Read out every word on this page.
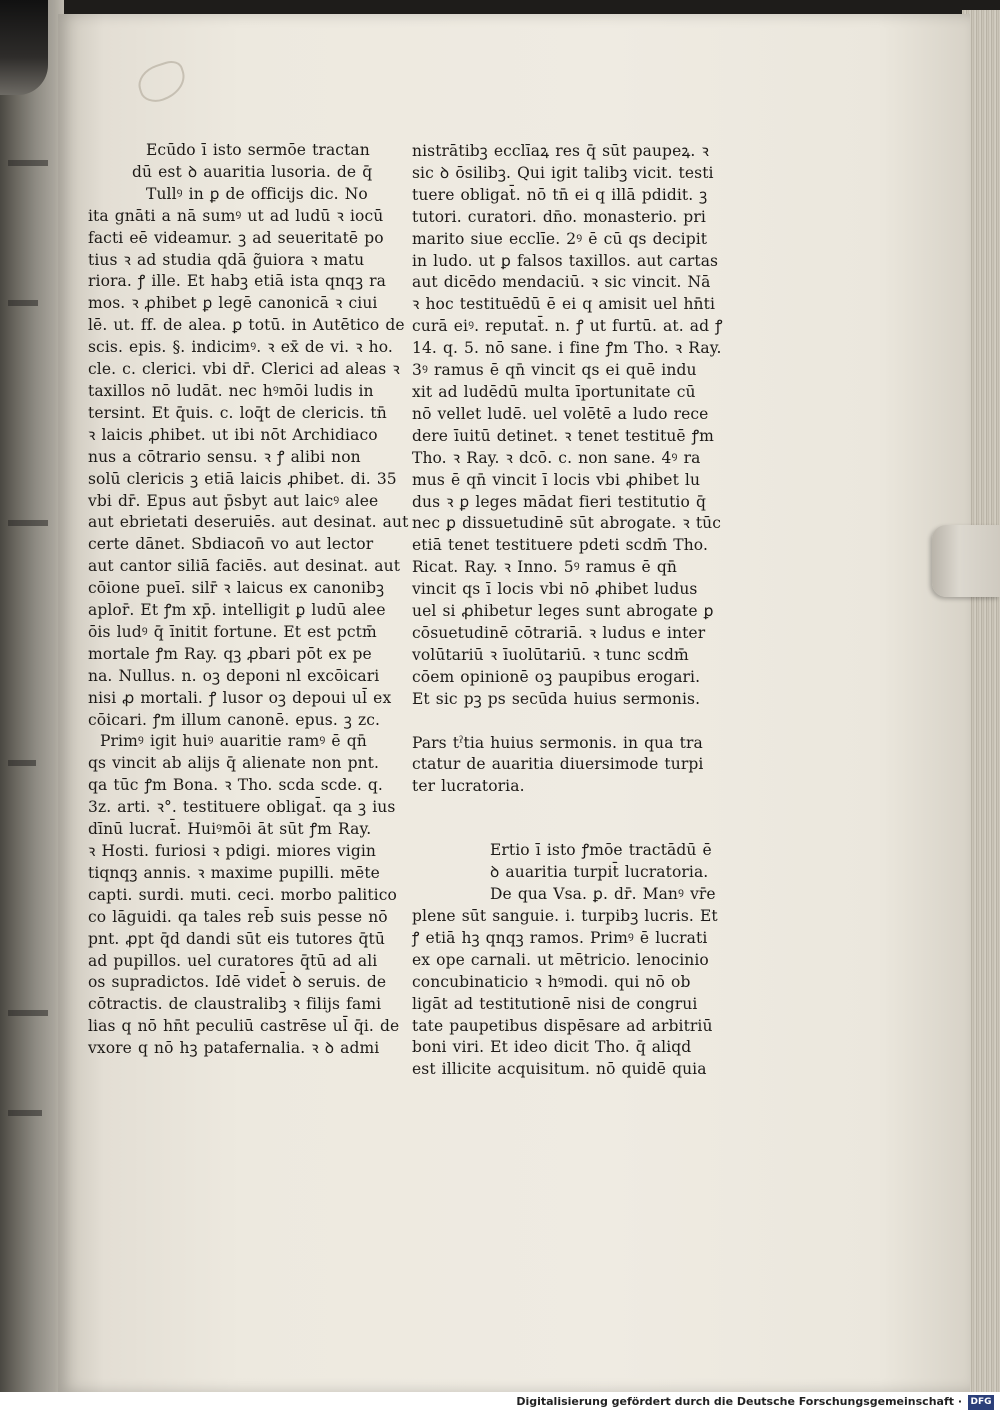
Ecūdo ī isto sermōe tractan
dū est ꝺ auaritia lusoria. de q̄
Tullꝰ in ꝑ de officijs dic. No
ita gnāti a nā sumꝰ ut ad ludū ꝛ iocū
facti eē videamur. ꝫ ad seueritatē po
tius ꝛ ad studia qdā g̃uiora ꝛ matu
riora. ꝭ ille. Et habꝫ etiā ista qnqꝫ ra
mos. ꝛ ꝓhibet ꝑ legē canonicā ꝛ ciui
lē. ut. ff. de alea. ꝑ totū. in Autētico de
scis. epis. §. indicimꝰ. ꝛ ex̄ de vi. ꝛ ho.
cle. c. clerici. vbi dr̄. Clerici ad aleas ꝛ
taxillos nō ludāt. nec hꝰmōi ludis in
tersint. Et q̄uis. c. loq̄t de clericis. tn̄
ꝛ laicis ꝓhibet. ut ibi nōt Archidiaco
nus a cōtrario sensu. ꝛ ꝭ alibi non
solū clericis ꝫ etiā laicis ꝓhibet. di. 35
vbi dr̄. Epus aut p̄sbyt aut laicꝰ alee
aut ebrietati deseruiēs. aut desinat. aut
certe dānet. Sbdiacon̄ vo aut lector
aut cantor siliā faciēs. aut desinat. aut
cōione pueī. silr̄ ꝛ laicus ex canonibꝫ
aplor̄. Et ꝭm xp̄. intelligit ꝑ ludū alee
ōis ludꝰ q̄ īnitit fortune. Et est pctm̄
mortale ꝭm Ray. qꝫ ꝓbari pōt ex pe
na. Nullus. n. oꝫ deponi nl excōicari
nisi ꝓ mortali. ꝭ lusor oꝫ depoui ul̄ ex
cōicari. ꝭm illum canonē. epus. ꝫ zc.
Primꝰ igit huiꝰ auaritie ramꝰ ē qn̄
qs vincit ab alijs q̄ alienate non pnt.
qa tūc ꝭm Bona. ꝛ Tho. scda scde. q.
3z. arti. ꝛ°. testituere obligat̄. qa ꝫ ius
dīnū lucrat̄. Huiꝰmōi āt sūt ꝭm Ray.
ꝛ Hosti. furiosi ꝛ pdigi. miores vigin
tiqnqꝫ annis. ꝛ maxime pupilli. mēte
capti. surdi. muti. ceci. morbo palitico
co lāguidi. qa tales reb̄ suis pesse nō
pnt. ꝓpt q̄d dandi sūt eis tutores q̄tū
ad pupillos. uel curatores q̄tū ad ali
os supradictos. Idē videt̄ ꝺ seruis. de
cōtractis. de claustralibꝫ ꝛ filijs fami
lias q nō hn̄t peculiū castrēse ul̄ q̄i. de
vxore q nō hꝫ patafernalia. ꝛ ꝺ admi
nistrātibꝫ ecclīaꝝ res q̄ sūt paupeꝝ. ꝛ
sic ꝺ ōsilibꝫ. Qui igit talibꝫ vicit. testi
tuere obligat̄. nō tn̄ ei q illā pdidit. ꝫ
tutori. curatori. dn̄o. monasterio. pri
marito siue ecclīe. 2ꝰ ē cū qs decipit
in ludo. ut ꝑ falsos taxillos. aut cartas
aut dicēdo mendaciū. ꝛ sic vincit. Nā
ꝛ hoc testituēdū ē ei q amisit uel hn̄ti
curā eiꝰ. reputat̄. n. ꝭ ut furtū. at. ad ꝭ
14. q. 5. nō sane. i fine ꝭm Tho. ꝛ Ray.
3ꝰ ramus ē qn̄ vincit qs ei quē indu
xit ad ludēdū multa īportunitate cū
nō vellet ludē. uel volētē a ludo rece
dere īuitū detinet. ꝛ tenet testituē ꝭm
Tho. ꝛ Ray. ꝛ dcō. c. non sane. 4ꝰ ra
mus ē qn̄ vincit ī locis vbi ꝓhibet lu
dus ꝛ ꝑ leges mādat fieri testitutio q̄
nec ꝑ dissuetudinē sūt abrogate. ꝛ tūc
etiā tenet testituere pdeti scdm̄ Tho.
Ricat. Ray. ꝛ Inno. 5ꝰ ramus ē qn̄
vincit qs ī locis vbi nō ꝓhibet ludus
uel si ꝓhibetur leges sunt abrogate ꝑ
cōsuetudinē cōtrariā. ꝛ ludus e inter
volūtariū ꝛ īuolūtariū. ꝛ tunc scdm̄
cōem opinionē oꝫ paupibus erogari.
Et sic pꝫ ps secūda huius sermonis.
Pars tˀtia huius sermonis. in qua tra
ctatur de auaritia diuersimode turpi
ter lucratoria.
Ertio ī isto ꝭmōe tractādū ē
ꝺ auaritia turpit̄ lucratoria.
De qua Vsa. ꝑ. dr̄. Manꝰ vr̄e
plene sūt sanguie. i. turpibꝫ lucris. Et
ꝭ etiā hꝫ qnqꝫ ramos. Primꝰ ē lucrati
ex ope carnali. ut mētricio. lenocinio
concubinaticio ꝛ hꝰmodi. qui nō ob
ligāt ad testitutionē nisi de congrui
tate paupetibus dispēsare ad arbitriū
boni viri. Et ideo dicit Tho. q̄ aliqd
est illicite acquisitum. nō quidē quia
Digitalisierung gefördert durch die Deutsche Forschungsgemeinschaft · DFG
